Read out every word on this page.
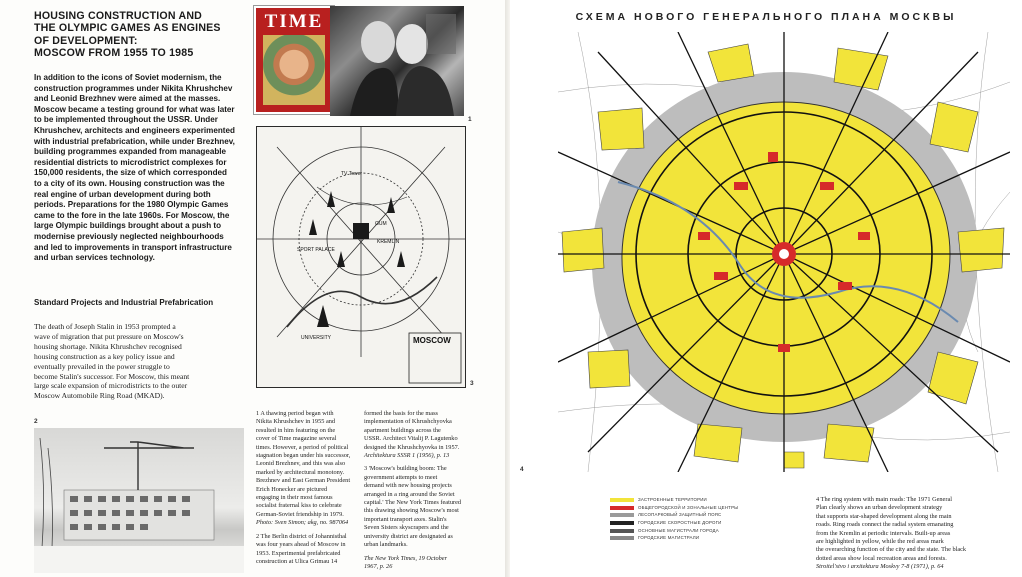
HOUSING CONSTRUCTION AND
THE OLYMPIC GAMES AS ENGINES
OF DEVELOPMENT:
MOSCOW FROM 1955 TO 1985
In addition to the icons of Soviet modernism, the
construction programmes under Nikita Khrushchev
and Leonid Brezhnev were aimed at the masses.
Moscow became a testing ground for what was later
to be implemented throughout the USSR. Under
Khrushchev, architects and engineers experimented
with industrial prefabrication, while under Brezhnev,
building programmes expanded from manageable
residential districts to microdistrict complexes for
150,000 residents, the size of which corresponded
to a city of its own. Housing construction was the
real engine of urban development during both
periods. Preparations for the 1980 Olympic Games
came to the fore in the late 1960s. For Moscow, the
large Olympic buildings brought about a push to
modernise previously neglected neighbourhoods
and led to improvements in transport infrastructure
and urban services technology.
Standard Projects and Industrial Prefabrication
The death of Joseph Stalin in 1953 prompted a
wave of migration that put pressure on Moscow's
housing shortage. Nikita Khrushchev recognised
housing construction as a key policy issue and
eventually prevailed in the power struggle to
become Stalin's successor. For Moscow, this meant
large scale expansion of microdistricts to the outer
Moscow Automobile Ring Road (MKAD).
TIME
1
TV Tower
SPORT PALACE
KREMLIN
GUM
UNIVERSITY	MOSCOW
3
2
1 A thawing period began with
Nikita Khrushchev in 1955 and
resulted in him featuring on the
cover of Time magazine several
times. However, a period of political
stagnation began under his successor,
Leonid Brezhnev, and this was also
marked by architectural monotony.
Brezhnev and East German President
Erich Honecker are pictured
engaging in their most famous
socialist fraternal kiss to celebrate
German-Soviet friendship in 1979.
Photo: Sven Simon; akg, no. 987064
2 The Berlin district of Johannisthal
was four years ahead of Moscow in
1953. Experimental prefabricated
construction at Ulica Grimau 14
formed the basis for the mass
implementation of Khrushchyovka
apartment buildings across the
USSR. Architect Vitalij P. Lagutenko
designed the Khrushchyovka in 1957.
Architektura SSSR 1 (1956), p. 13
3 'Moscow's building boom: The
government attempts to meet
demand with new housing projects
arranged in a ring around the Soviet
capital.' The New York Times featured
this drawing showing Moscow's most
important transport axes. Stalin's
Seven Sisters skyscrapers and the
university district are designated as
urban landmarks.
The New York Times, 19 October
1967, p. 26
СХЕМА НОВОГО ГЕНЕРАЛЬНОГО ПЛАНА МОСКВЫ
4
ЗАСТРОЕННЫЕ ТЕРРИТОРИИ
ОБЩЕГОРОДСКОЙ И ЗОНАЛЬНЫЕ ЦЕНТРЫ
ЛЕСОПАРКОВЫЙ ЗАЩИТНЫЙ ПОЯС
ГОРОДСКИЕ СКОРОСТНЫЕ ДОРОГИ
ОСНОВНЫЕ МАГИСТРАЛИ ГОРОДА
ГОРОДСКИЕ МАГИСТРАЛИ
4 The ring system with main roads: The 1971 General
Plan clearly shows an urban development strategy
that supports star-shaped development along the main
roads. Ring roads connect the radial system emanating
from the Kremlin at periodic intervals. Built-up areas
are highlighted in yellow, while the red areas mark
the overarching function of the city and the state. The black
dotted areas show local recreation areas and forests.
Stroitel'stvo i arxitektura Moskvy 7-8 (1971), p. 64
